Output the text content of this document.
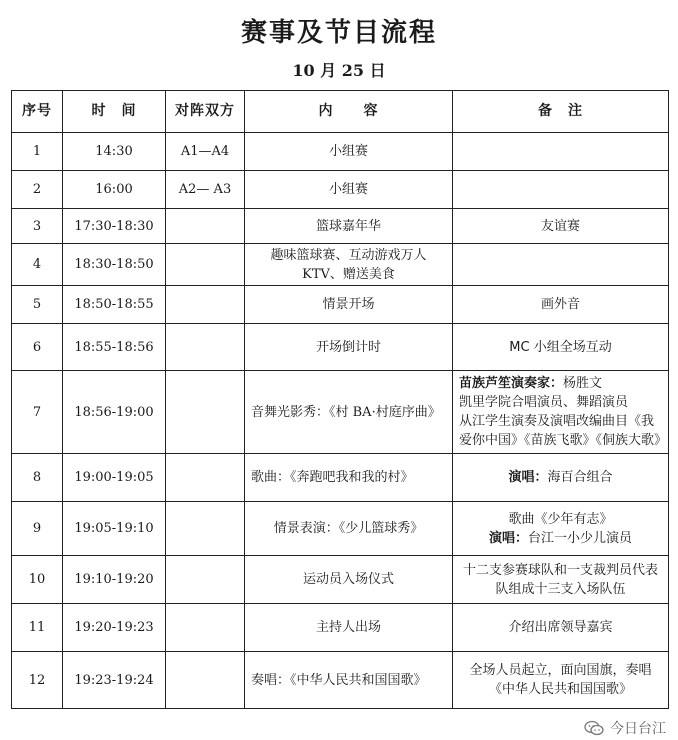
赛事及节目流程
10 月 25 日
序号	时　间	对阵双方	内　　容	备　注
1	14:30	A1—A4	小组赛	
2	16:00	A2— A3	小组赛	
3	17:30-18:30		篮球嘉年华	友谊赛
4	18:30-18:50		趣味篮球赛、互动游戏万人 KTV、赠送美食	
5	18:50-18:55		情景开场	画外音
6	18:55-18:56		开场倒计时	MC 小组全场互动
7	18:56-19:00		音舞光影秀：《村 BA·村庭序曲》	苗族芦笙演奏家：杨胜文
凯里学院合唱演员、舞蹈演员
从江学生演奏及演唱改编曲目《我爱你中国》《苗族飞歌》《侗族大歌》

8	19:00-19:05		歌曲：《奔跑吧我和我的村》	演唱：海百合组合
9	19:05-19:10		情景表演：《少儿篮球秀》	歌曲《少年有志》
演唱：台江一小少儿演员

10	19:10-19:20		运动员入场仪式	十二支参赛球队和一支裁判员代表队组成十三支入场队伍
11	19:20-19:23		主持人出场	介绍出席领导嘉宾
12	19:23-19:24		奏唱：《中华人民共和国国歌》	全场人员起立，面向国旗，奏唱《中华人民共和国国歌》
今日台江
